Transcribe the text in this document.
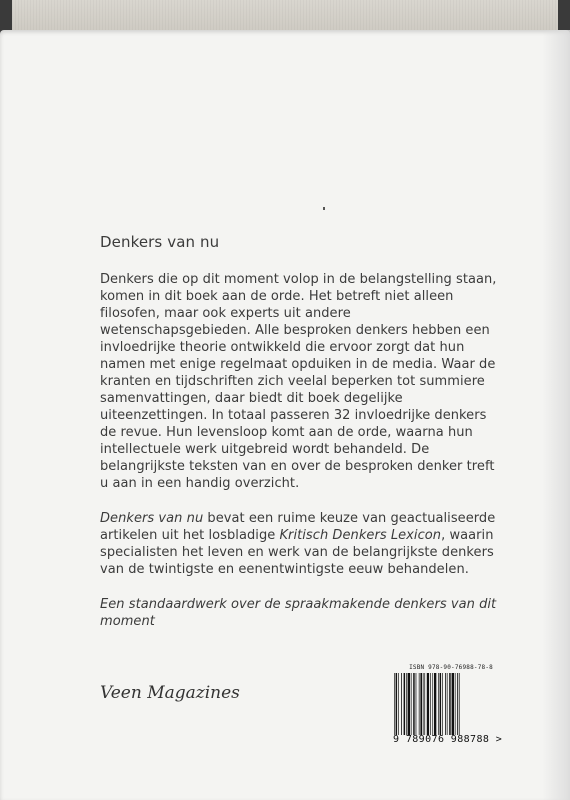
Denkers van nu

Denkers die op dit moment volop in de belangstelling staan, komen in dit boek aan de orde. Het betreft niet alleen filosofen, maar ook experts uit andere wetenschapsgebieden. Alle besproken denkers hebben een invloedrijke theorie ontwikkeld die ervoor zorgt dat hun namen met enige regelmaat opduiken in de media. Waar de kranten en tijdschriften zich veelal beperken tot summiere samenvattingen, daar biedt dit boek degelijke uiteenzettingen. In totaal passeren 32 invloedrijke denkers de revue. Hun levensloop komt aan de orde, waarna hun intellectuele werk uitgebreid wordt behandeld. De belangrijkste teksten van en over de besproken denker treft u aan in een handig overzicht.

Denkers van nu bevat een ruime keuze van geactualiseerde artikelen uit het losbladige Kritisch Denkers Lexicon, waarin specialisten het leven en werk van de belangrijkste denkers van de twintigste en eenentwintigste eeuw behandelen.

Een standaardwerk over de spraakmakende denkers van dit moment

Veen Magazines
ISBN 978-90-76988-78-8
9 789076 988788 >
